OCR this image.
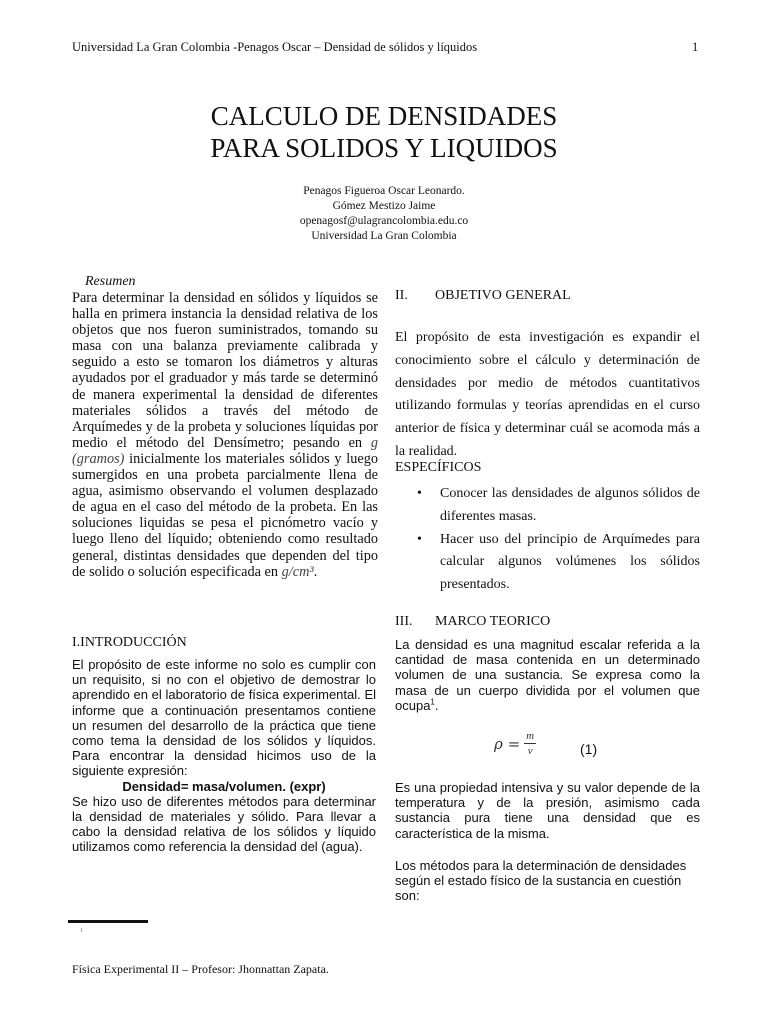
Universidad La Gran Colombia -Penagos Oscar – Densidad de sólidos y líquidos	1
CALCULO DE DENSIDADES
PARA SOLIDOS Y LIQUIDOS
Penagos Figueroa Oscar Leonardo.
Gómez Mestizo Jaime
openagosf@ulagrancolombia.edu.co
Universidad La Gran Colombia
Resumen
Para determinar la densidad en sólidos y líquidos se halla en primera instancia la densidad relativa de los objetos que nos fueron suministrados, tomando su masa con una balanza previamente calibrada y seguido a esto se tomaron los diámetros y alturas ayudados por el graduador y más tarde se determinó de manera experimental la densidad de diferentes materiales sólidos a través del método de Arquímedes y de la probeta y soluciones líquidas por medio el método del Densímetro; pesando en g (gramos) inicialmente los materiales sólidos y luego sumergidos en una probeta parcialmente llena de agua, asimismo observando el volumen desplazado de agua en el caso del método de la probeta. En las soluciones liquidas se pesa el picnómetro vacío y luego lleno del líquido; obteniendo como resultado general, distintas densidades que dependen del tipo de solido o solución especificada en g/cm³.
I.INTRODUCCIÓN
El propósito de este informe no solo es cumplir con un requisito, si no con el objetivo de demostrar lo aprendido en el laboratorio de física experimental. El informe que a continuación presentamos contiene un resumen del desarrollo de la práctica que tiene como tema la densidad de los sólidos y líquidos. Para encontrar la densidad hicimos uso de la siguiente expresión:
Densidad= masa/volumen. (expr)
Se hizo uso de diferentes métodos para determinar la densidad de materiales y sólido. Para llevar a cabo la densidad relativa de los sólidos y líquido utilizamos como referencia la densidad del (agua).
1
Física Experimental II – Profesor: Jhonnattan Zapata.
II. OBJETIVO GENERAL
El propósito de esta investigación es expandir el conocimiento sobre el cálculo y determinación de densidades por medio de métodos cuantitativos utilizando formulas y teorías aprendidas en el curso anterior de física y determinar cuál se acomoda más a la realidad.
ESPECÍFICOS
• Conocer las densidades de algunos sólidos de diferentes masas.
• Hacer uso del principio de Arquímedes para calcular algunos volúmenes los sólidos presentados.
III. MARCO TEORICO
La densidad es una magnitud escalar referida a la cantidad de masa contenida en un determinado volumen de una sustancia. Se expresa como la masa de un cuerpo dividida por el volumen que ocupa$^1$.
$\rho = \frac{m}{v}$	(1)
Es una propiedad intensiva y su valor depende de la temperatura y de la presión, asimismo cada sustancia pura tiene una densidad que es característica de la misma.
Los métodos para la determinación de densidades según el estado físico de la sustancia en cuestión son:
